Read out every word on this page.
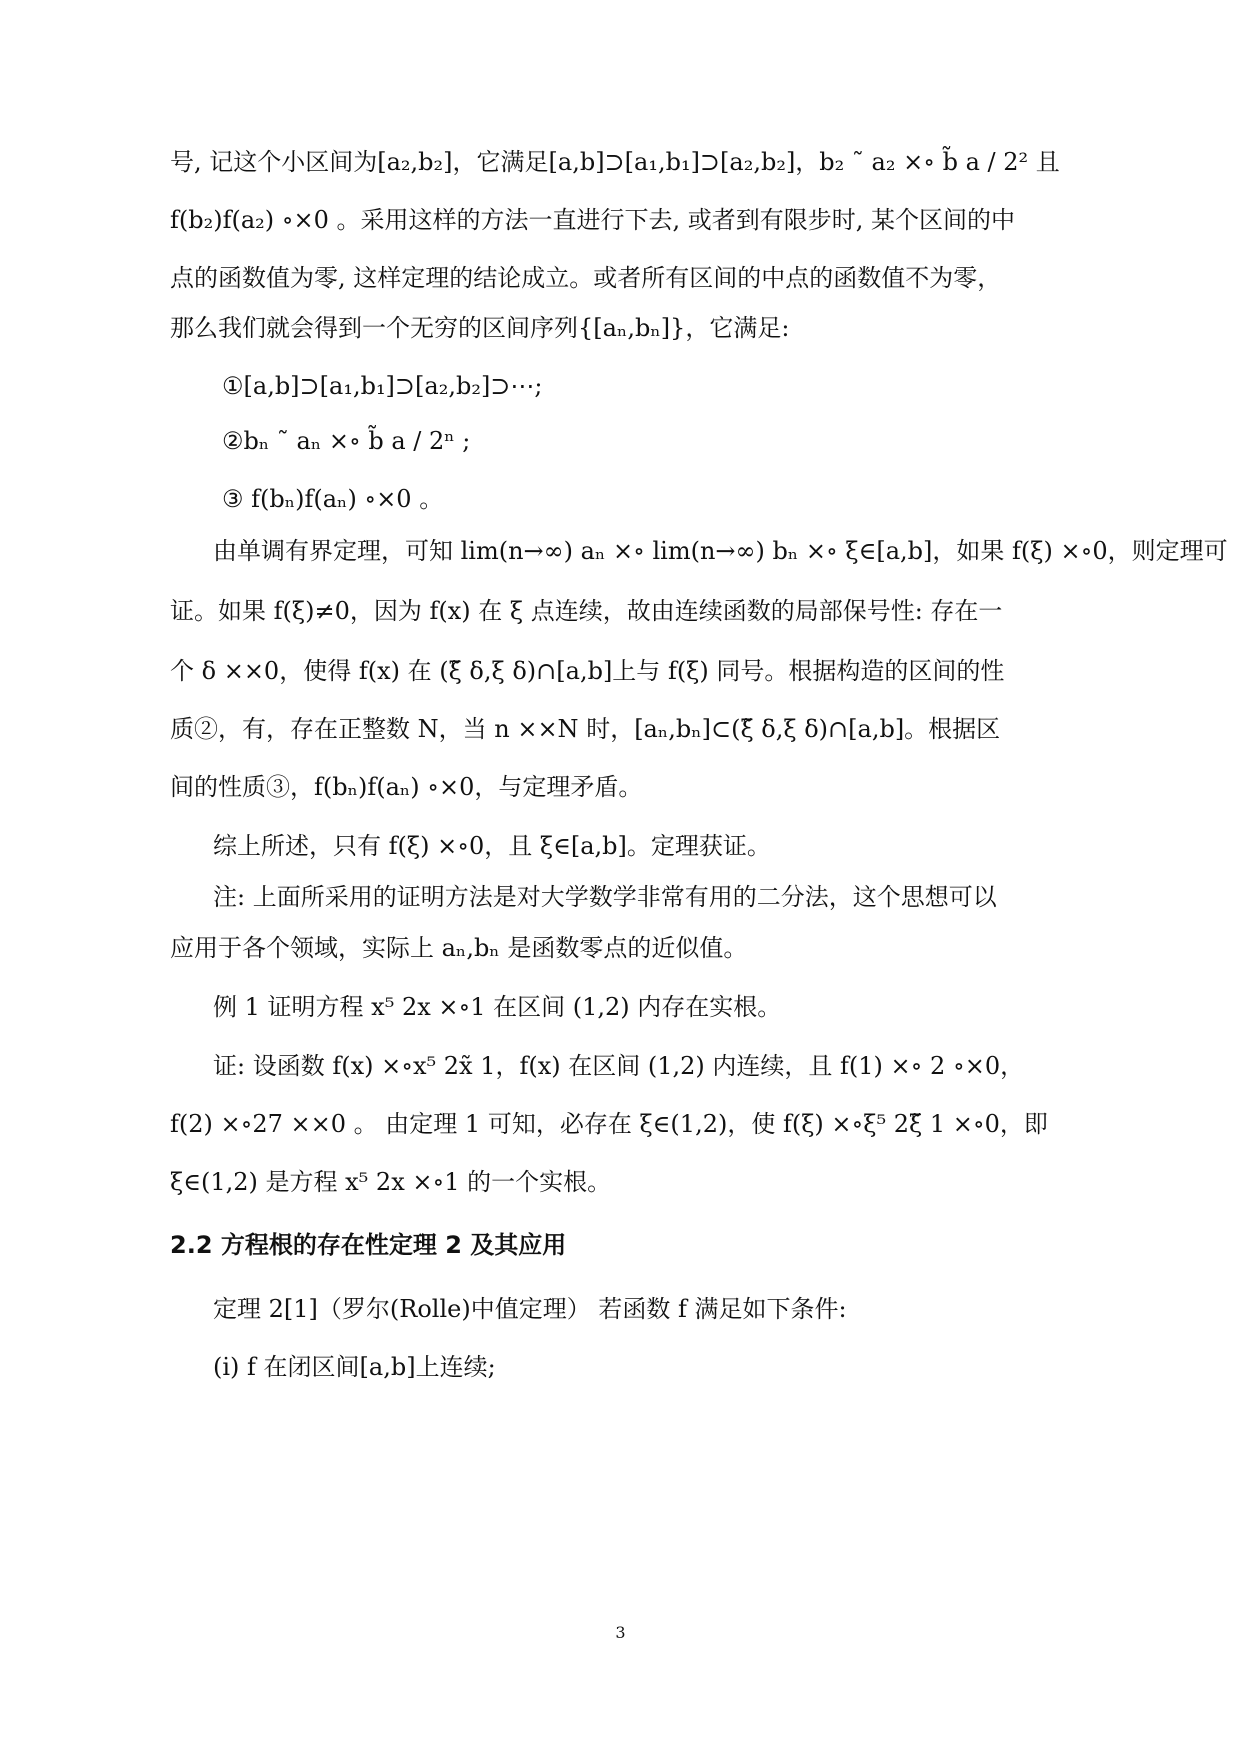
号, 记这个小区间为[a₂,b₂]，它满足[a,b]⊃[a₁,b₁]⊃[a₂,b₂]，b₂ ˜ a₂ ×∘ b̃ a / 2² 且
f(b₂)f(a₂) ∘×0 。采用这样的方法一直进行下去, 或者到有限步时, 某个区间的中
点的函数值为零, 这样定理的结论成立。或者所有区间的中点的函数值不为零，
那么我们就会得到一个无穷的区间序列{[aₙ,bₙ]}，它满足:
①[a,b]⊃[a₁,b₁]⊃[a₂,b₂]⊃⋯;
②bₙ ˜ aₙ ×∘ b̃ a / 2ⁿ ;
③ f(bₙ)f(aₙ) ∘×0 。
由单调有界定理，可知 lim(n→∞) aₙ ×∘ lim(n→∞) bₙ ×∘ ξ∈[a,b]，如果 f(ξ) ×∘0，则定理可
证。如果 f(ξ)≠0，因为 f(x) 在 ξ 点连续，故由连续函数的局部保号性: 存在一
个 δ ××0，使得 f(x) 在 (ξ̃ δ,ξ δ)∩[a,b]上与 f(ξ) 同号。根据构造的区间的性
质②，有，存在正整数 N，当 n ××N 时，[aₙ,bₙ]⊂(ξ̃ δ,ξ δ)∩[a,b]。根据区
间的性质③，f(bₙ)f(aₙ) ∘×0，与定理矛盾。
综上所述，只有 f(ξ) ×∘0，且 ξ∈[a,b]。定理获证。
注: 上面所采用的证明方法是对大学数学非常有用的二分法，这个思想可以
应用于各个领域，实际上 aₙ,bₙ 是函数零点的近似值。
例 1 证明方程 x⁵ 2x ×∘1 在区间 (1,2) 内存在实根。
证: 设函数 f(x) ×∘x⁵ 2x̃ 1，f(x) 在区间 (1,2) 内连续，且 f(1) ×∘ 2 ∘×0，
f(2) ×∘27 ××0 。 由定理 1 可知，必存在 ξ∈(1,2)，使 f(ξ) ×∘ξ⁵ 2ξ̃ 1 ×∘0，即
ξ∈(1,2) 是方程 x⁵ 2x ×∘1 的一个实根。
2.2 方程根的存在性定理 2 及其应用
定理 2[1]（罗尔(Rolle)中值定理） 若函数 f 满足如下条件:
(i) f 在闭区间[a,b]上连续;
3
